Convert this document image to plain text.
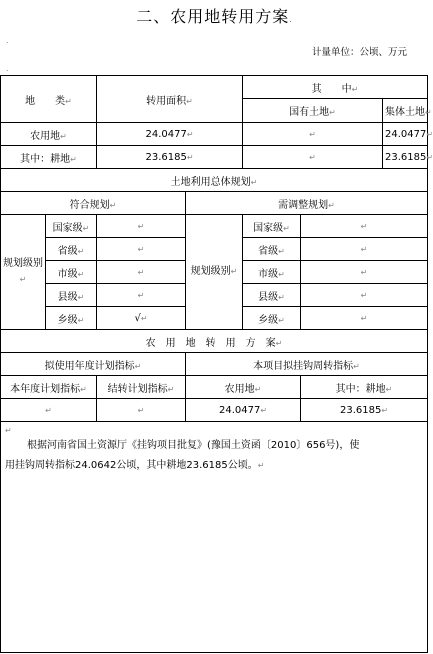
二、农用地转用方案.
.
.
计量单位：公顷、万元
地　　类↵		转用面积↵		其　　中↵		
				国有土地↵		集体土地↵
农用地↵		24.0477↵		↵		24.0477↵
其中：耕地↵		23.6185↵		↵		23.6185↵
土地利用总体规划↵						
符合规划↵			需调整规划↵			
规划级别↵	国家级↵	↵	规划级别↵	国家级↵	↵	
	省级↵	↵		省级↵	↵	
	市级↵	↵		市级↵	↵	
	县级↵	↵		县级↵	↵	
	乡级↵	√↵		乡级↵	↵	
农　用　地　转　用　方　案↵						
拟使用年度计划指标↵			本项目拟挂钩周转指标↵			
本年度计划指标↵		结转计划指标↵	农用地↵		其中：耕地↵	
↵		↵	24.0477↵		23.6185↵	

↵
根据河南省国土资源厅《挂钩项目批复》(豫国土资函〔2010〕656号)，使
用挂钩周转指标24.0642公顷，其中耕地23.6185公顷。↵						
